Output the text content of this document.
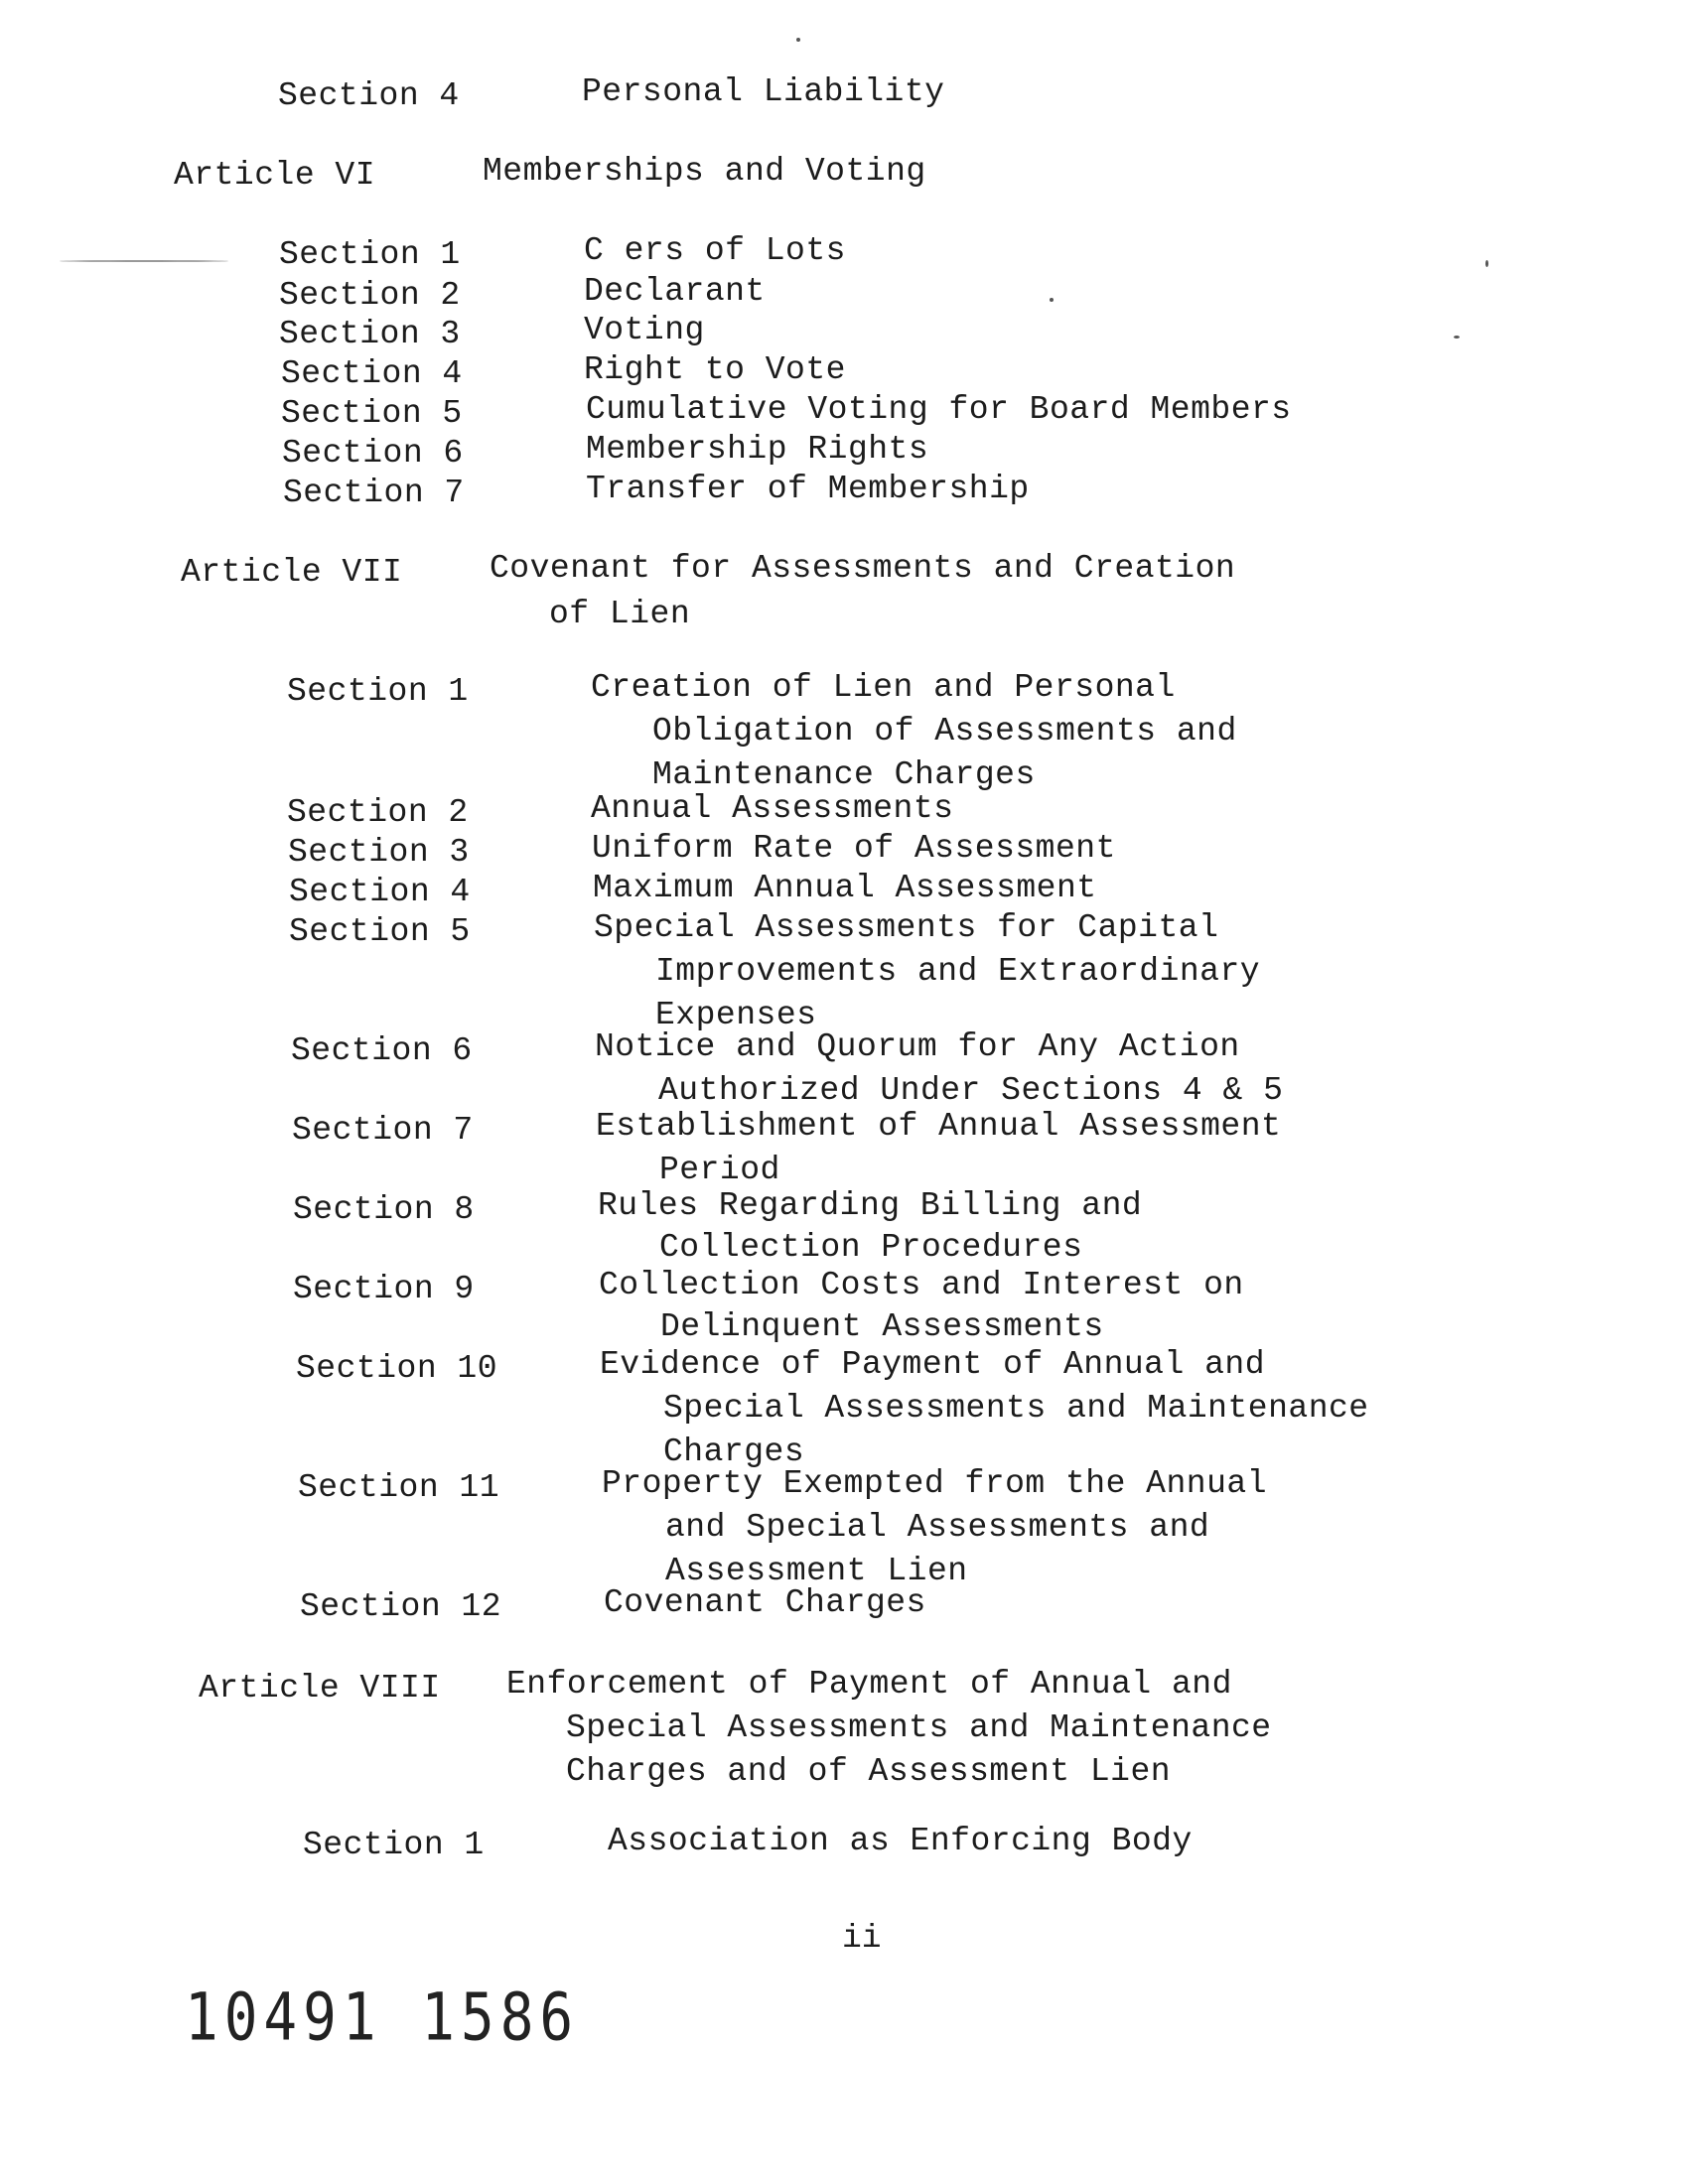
Section 4	Personal Liability
Article VI	Memberships and Voting
Section 1	C ers of Lots
Section 2	Declarant
Section 3	Voting
Section 4	Right to Vote
Section 5	Cumulative Voting for Board Members
Section 6	Membership Rights
Section 7	Transfer of Membership
Article VII	Covenant for Assessments and Creation
of Lien
Section 1	Creation of Lien and Personal
Obligation of Assessments and
Maintenance Charges
Section 2	Annual Assessments
Section 3	Uniform Rate of Assessment
Section 4	Maximum Annual Assessment
Section 5	Special Assessments for Capital
Improvements and Extraordinary
Expenses
Section 6	Notice and Quorum for Any Action
Authorized Under Sections 4 & 5
Section 7	Establishment of Annual Assessment
Period
Section 8	Rules Regarding Billing and
Collection Procedures
Section 9	Collection Costs and Interest on
Delinquent Assessments
Section 10	Evidence of Payment of Annual and
Special Assessments and Maintenance
Charges
Section 11	Property Exempted from the Annual
and Special Assessments and
Assessment Lien
Section 12	Covenant Charges
Article VIII Enforcement of Payment of Annual and
Special Assessments and Maintenance
Charges and of Assessment Lien
Section 1	Association as Enforcing Body
ii
10491 1586
